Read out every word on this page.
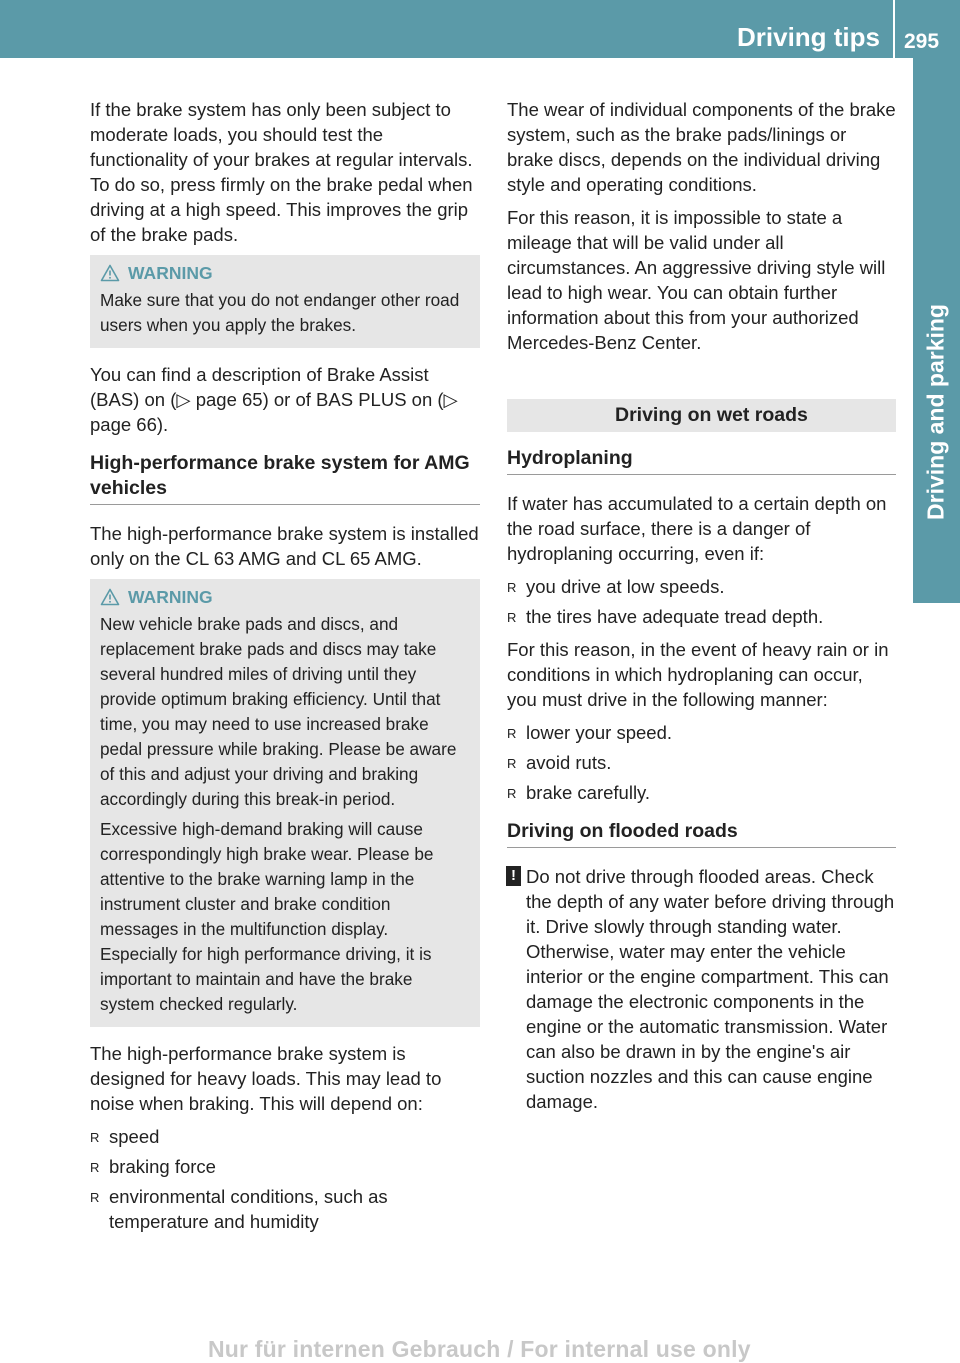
Driving tips 295
Driving and parking

If the brake system has only been subject to moderate loads, you should test the functionality of your brakes at regular intervals. To do so, press firmly on the brake pedal when driving at a high speed. This improves the grip of the brake pads.

WARNING

Make sure that you do not endanger other road users when you apply the brakes.

You can find a description of Brake Assist (BAS) on (▷ page 65) or of BAS PLUS on (▷ page 66).

High-performance brake system for AMG vehicles

The high-performance brake system is installed only on the CL 63 AMG and CL 65 AMG.

WARNING

New vehicle brake pads and discs, and replacement brake pads and discs may take several hundred miles of driving until they provide optimum braking efficiency. Until that time, you may need to use increased brake pedal pressure while braking. Please be aware of this and adjust your driving and braking accordingly during this break-in period.

Excessive high-demand braking will cause correspondingly high brake wear. Please be attentive to the brake warning lamp in the instrument cluster and brake condition messages in the multifunction display. Especially for high performance driving, it is important to maintain and have the brake system checked regularly.

The high-performance brake system is designed for heavy loads. This may lead to noise when braking. This will depend on:

R speed
R braking force
R environmental conditions, such as temperature and humidity

The wear of individual components of the brake system, such as the brake pads/linings or brake discs, depends on the individual driving style and operating conditions.

For this reason, it is impossible to state a mileage that will be valid under all circumstances. An aggressive driving style will lead to high wear. You can obtain further information about this from your authorized Mercedes-Benz Center.

Driving on wet roads
Hydroplaning

If water has accumulated to a certain depth on the road surface, there is a danger of hydroplaning occurring, even if:

R you drive at low speeds.
R the tires have adequate tread depth.

For this reason, in the event of heavy rain or in conditions in which hydroplaning can occur, you must drive in the following manner:

R lower your speed.
R avoid ruts.
R brake carefully.
Driving on flooded roads
! Do not drive through flooded areas. Check the depth of any water before driving through it. Drive slowly through standing water. Otherwise, water may enter the vehicle interior or the engine compartment. This can damage the electronic components in the engine or the automatic transmission. Water can also be drawn in by the engine's air suction nozzles and this can cause engine damage.
Nur für internen Gebrauch / For internal use only
